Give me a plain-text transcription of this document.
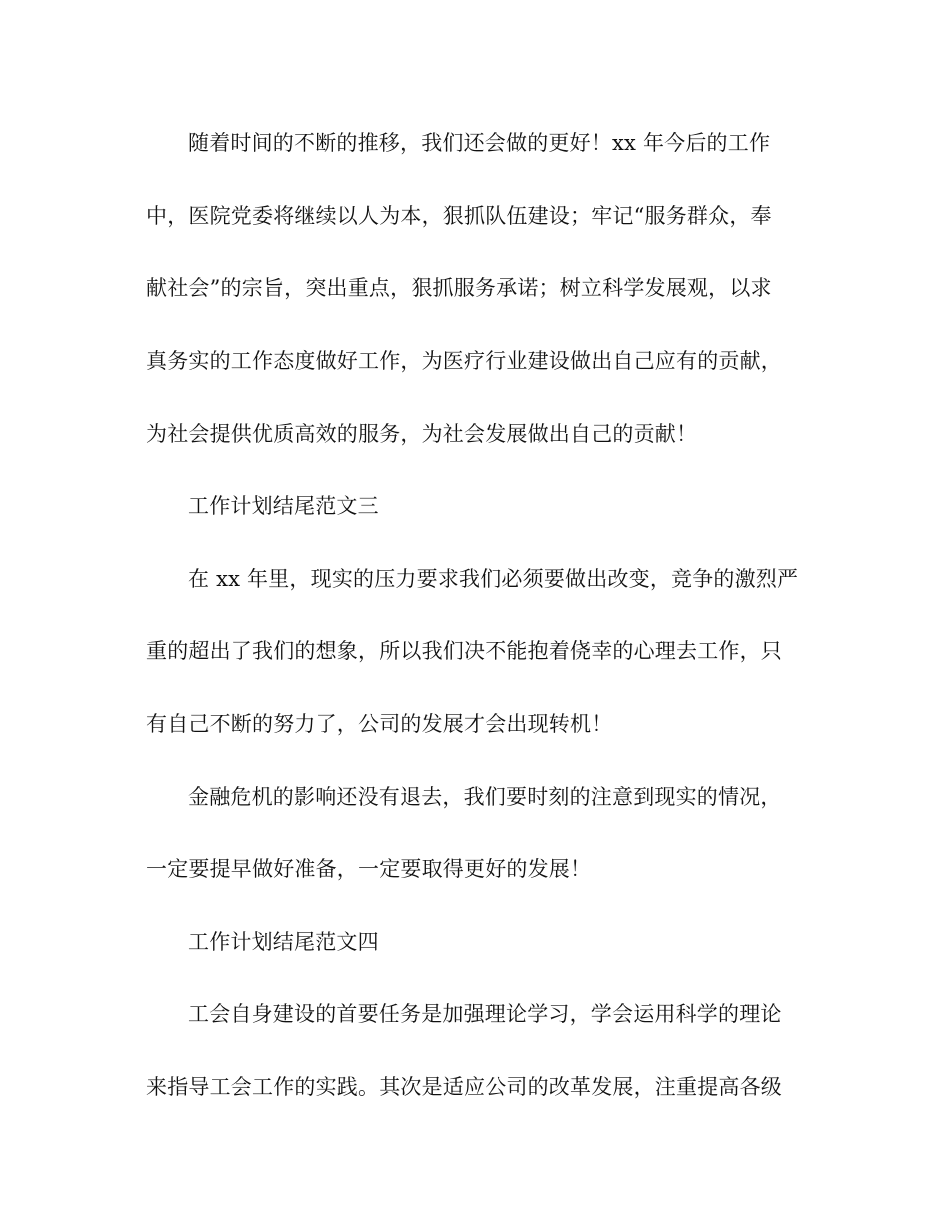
随着时间的不断的推移，我们还会做的更好！xx 年今后的工作
中，医院党委将继续以人为本，狠抓队伍建设；牢记“服务群众，奉
献社会”的宗旨，突出重点，狠抓服务承诺；树立科学发展观，以求
真务实的工作态度做好工作，为医疗行业建设做出自己应有的贡献，
为社会提供优质高效的服务，为社会发展做出自己的贡献！
工作计划结尾范文三
在 xx 年里，现实的压力要求我们必须要做出改变，竞争的激烈严
重的超出了我们的想象，所以我们决不能抱着侥幸的心理去工作，只
有自己不断的努力了，公司的发展才会出现转机！
金融危机的影响还没有退去，我们要时刻的注意到现实的情况，
一定要提早做好准备，一定要取得更好的发展！
工作计划结尾范文四
工会自身建设的首要任务是加强理论学习，学会运用科学的理论
来指导工会工作的实践。其次是适应公司的改革发展，注重提高各级
